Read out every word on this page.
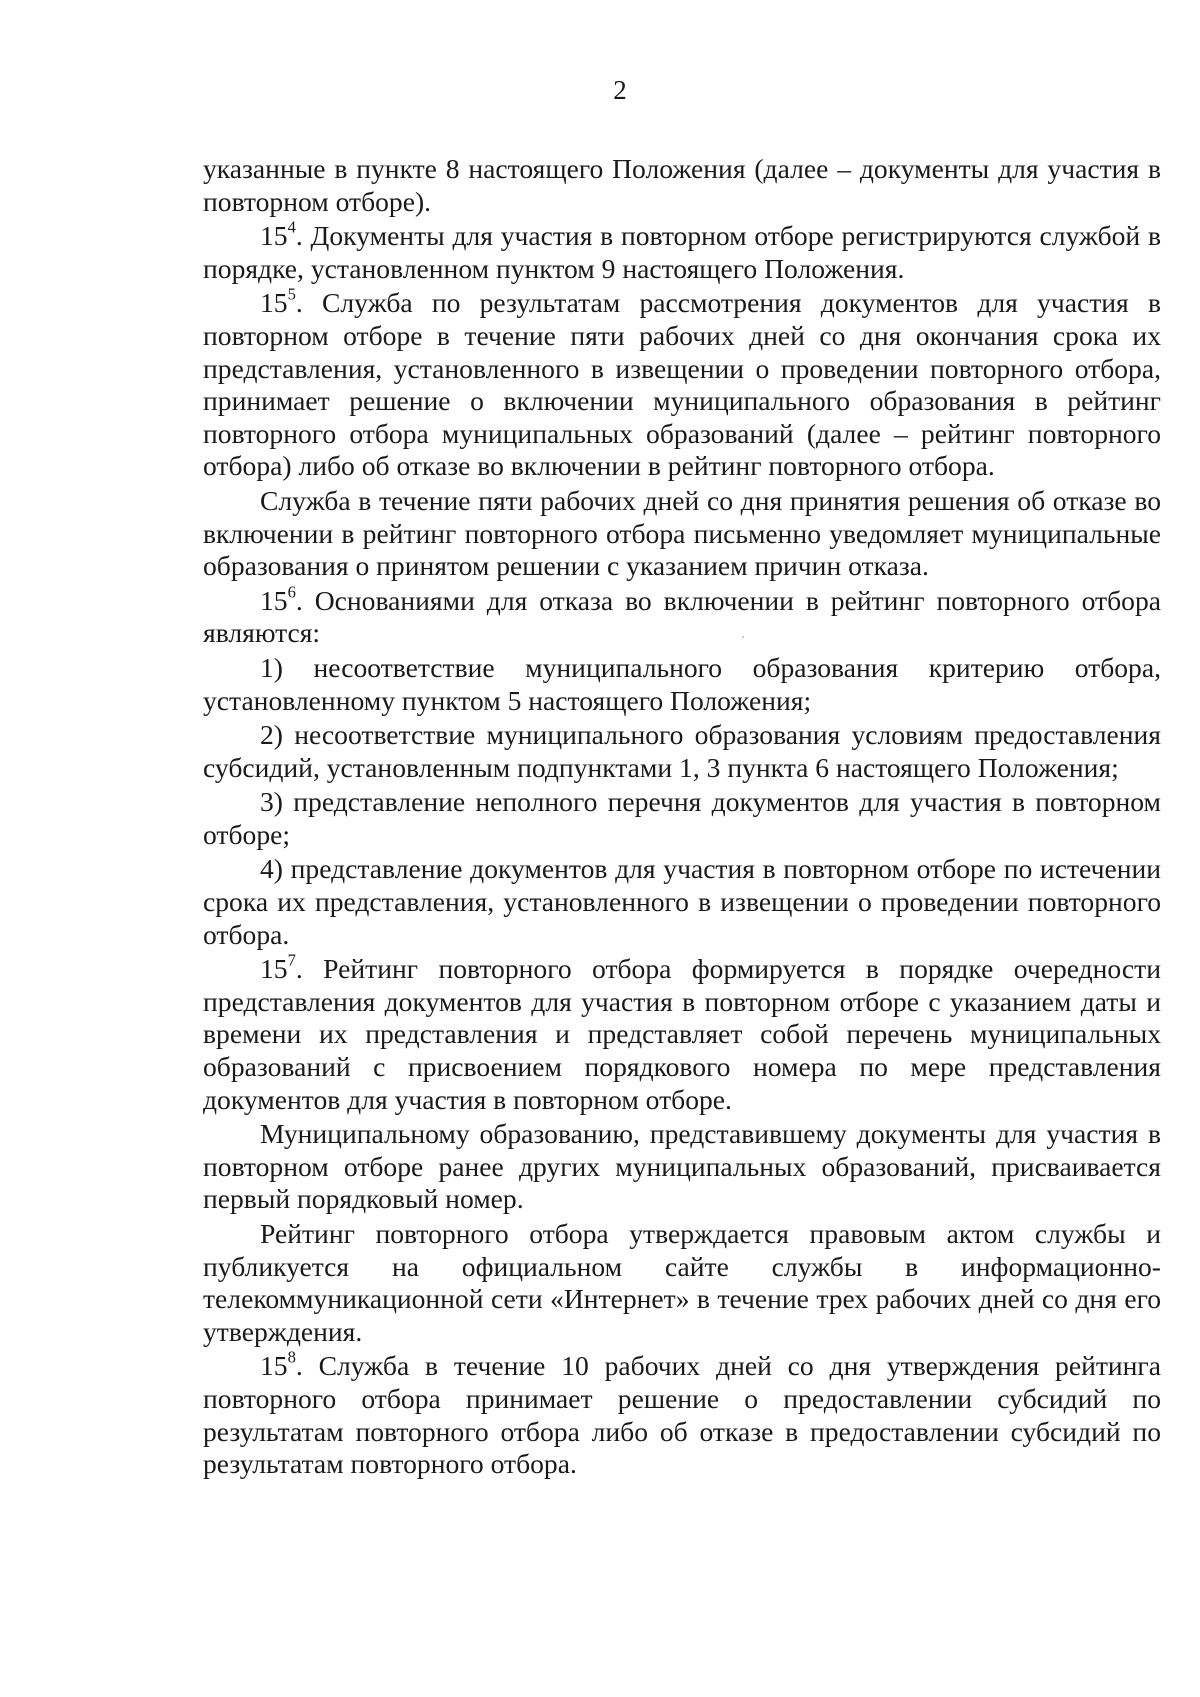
2

указанные в пункте 8 настоящего Положения (далее – документы для участия в повторном отборе).

$15^4$. Документы для участия в повторном отборе регистрируются службой в порядке, установленном пунктом 9 настоящего Положения.

$15^5$. Служба по результатам рассмотрения документов для участия в повторном отборе в течение пяти рабочих дней со дня окончания срока их представления, установленного в извещении о проведении повторного отбора, принимает решение о включении муниципального образования в рейтинг повторного отбора муниципальных образований (далее – рейтинг повторного отбора) либо об отказе во включении в рейтинг повторного отбора.

Служба в течение пяти рабочих дней со дня принятия решения об отказе во включении в рейтинг повторного отбора письменно уведомляет муниципальные образования о принятом решении с указанием причин отказа.

$15^6$. Основаниями для отказа во включении в рейтинг повторного отбора являются:

1) несоответствие муниципального образования критерию отбора, установленному пунктом 5 настоящего Положения;

2) несоответствие муниципального образования условиям предоставления субсидий, установленным подпунктами 1, 3 пункта 6 настоящего Положения;

3) представление неполного перечня документов для участия в повторном отборе;

4) представление документов для участия в повторном отборе по истечении срока их представления, установленного в извещении о проведении повторного отбора.

$15^7$. Рейтинг повторного отбора формируется в порядке очередности представления документов для участия в повторном отборе с указанием даты и времени их представления и представляет собой перечень муниципальных образований с присвоением порядкового номера по мере представления документов для участия в повторном отборе.

Муниципальному образованию, представившему документы для участия в повторном отборе ранее других муниципальных образований, присваивается первый порядковый номер.

Рейтинг повторного отбора утверждается правовым актом службы и публикуется на официальном сайте службы в информационно-телекоммуникационной сети «Интернет» в течение трех рабочих дней со дня его утверждения.

$15^8$. Служба в течение 10 рабочих дней со дня утверждения рейтинга повторного отбора принимает решение о предоставлении субсидий по результатам повторного отбора либо об отказе в предоставлении субсидий по результатам повторного отбора.
